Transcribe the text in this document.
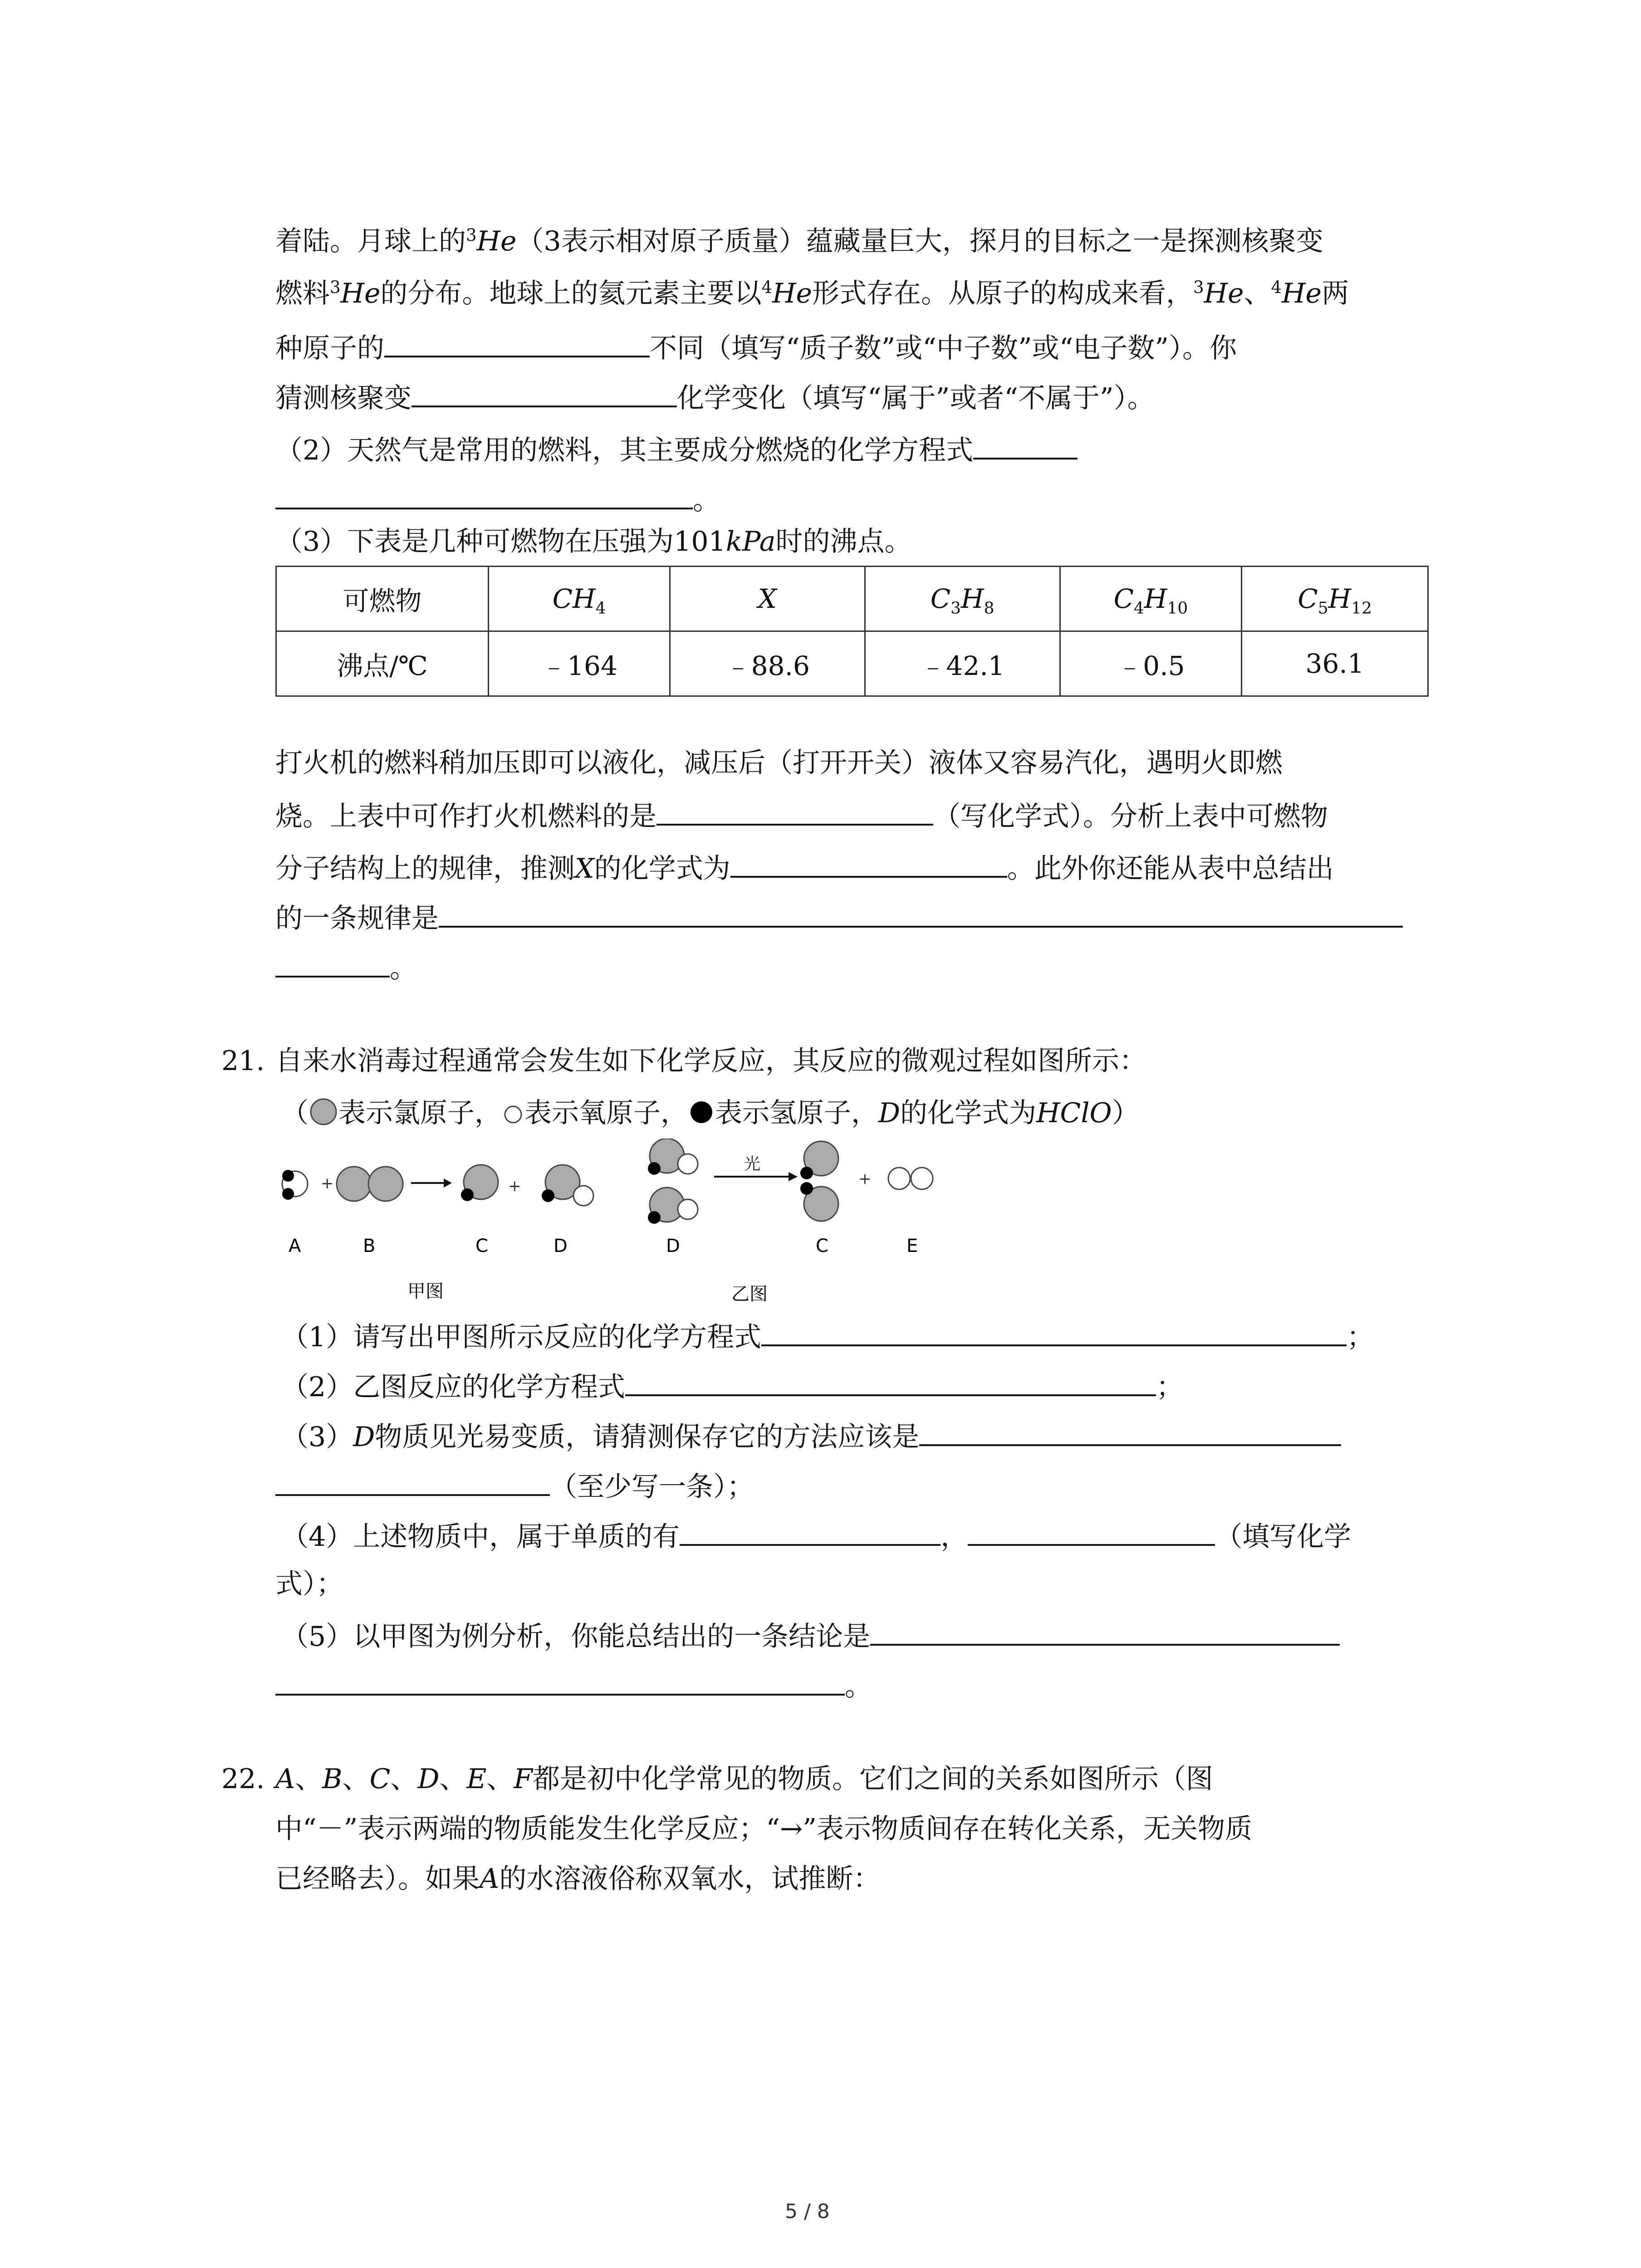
着陆。月球上的$^3$He（3表示相对原子质量）蕴藏量巨大，探月的目标之一是探测核聚变
燃料$^3$He的分布。地球上的氦元素主要以$^4$He形式存在。从原子的构成来看，$^3$He、$^4$He两
种原子的	不同（填写“质子数”或“中子数”或“电子数”）。你
猜测核聚变	化学变化（填写“属于”或者“不属于”）。
（2）天然气是常用的燃料，其主要成分燃烧的化学方程式
。
（3）下表是几种可燃物在压强为101kPa时的沸点。
可燃物	$CH_4$	X	$C_3H_8$	$C_4H_{10}$	$C_5H_{12}$
沸点/℃	﹣164	﹣88.6	﹣42.1	﹣0.5	36.1
打火机的燃料稍加压即可以液化，减压后（打开开关）液体又容易汽化，遇明火即燃
烧。上表中可作打火机燃料的是	（写化学式）。分析上表中可燃物
分子结构上的规律，推测X的化学式为	。此外你还能从表中总结出
的一条规律是
。
21. 自来水消毒过程通常会发生如下化学反应，其反应的微观过程如图所示：
（ 表示氯原子， 表示氧原子， 表示氢原子，D的化学式为HClO）
+	+
光
+
A	B	C	D	D	C	E
甲图	乙图
（1）请写出甲图所示反应的化学方程式	；
（2）乙图反应的化学方程式	；
（3）D物质见光易变质，请猜测保存它的方法应该是
（至少写一条）；
（4）上述物质中，属于单质的有	，	（填写化学
式）；
（5）以甲图为例分析，你能总结出的一条结论是
。
22. A、B、C、D、E、F都是初中化学常见的物质。它们之间的关系如图所示（图
中“－”表示两端的物质能发生化学反应；“→”表示物质间存在转化关系，无关物质
已经略去）。如果A的水溶液俗称双氧水，试推断：
5 / 8
